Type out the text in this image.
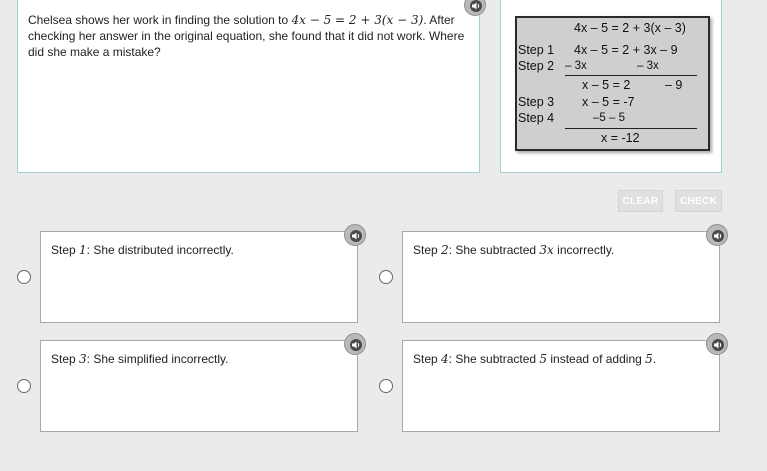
Chelsea shows her work in finding the solution to 4x − 5 = 2 + 3(x − 3). After checking her answer in the original equation, she found that it did not work. Where did she make a mistake?
4x – 5 = 2 + 3(x – 3)
Step 1 4x – 5 = 2 + 3x – 9
Step 2 – 3x	– 3x
x – 5 = 2	– 9
Step 3 x – 5 = -7
Step 4	–5 – 5
x = -12
CLEAR	CHECK
Step 1: She distributed incorrectly.	Step 2: She subtracted 3x incorrectly.
Step 3: She simplified incorrectly.	Step 4: She subtracted 5 instead of adding 5.
